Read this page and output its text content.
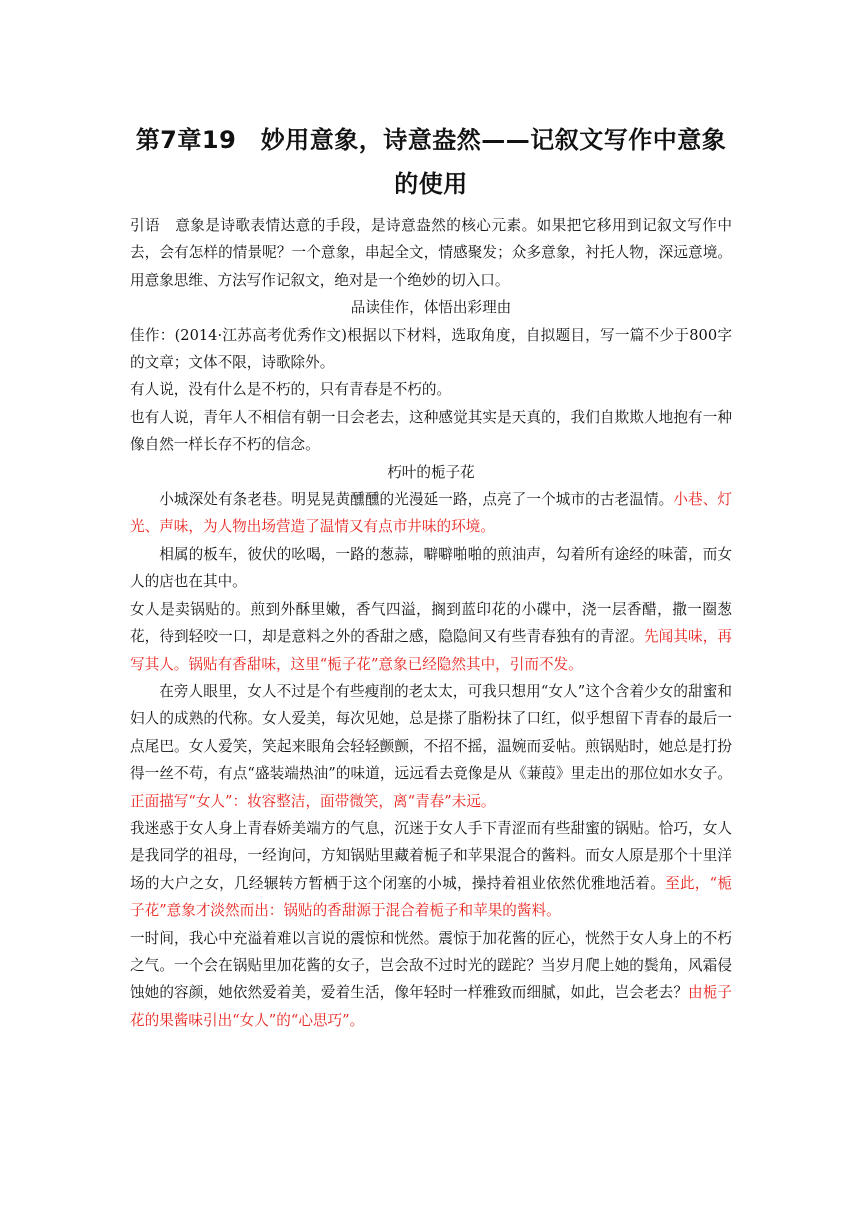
第7章19　妙用意象，诗意盎然——记叙文写作中意象的使用

引语　 意象是诗歌表情达意的手段，是诗意盎然的核心元素。如果把它移用到记叙文写作中去，会有怎样的情景呢？一个意象，串起全文，情感聚发；众多意象，衬托人物，深远意境。用意象思维、方法写作记叙文，绝对是一个绝妙的切入口。

品读佳作，体悟出彩理由

佳作：(2014·江苏高考优秀作文)根据以下材料，选取角度，自拟题目，写一篇不少于800字的文章；文体不限，诗歌除外。

有人说，没有什么是不朽的，只有青春是不朽的。

也有人说，青年人不相信有朝一日会老去，这种感觉其实是天真的，我们自欺欺人地抱有一种像自然一样长存不朽的信念。

朽叶的栀子花

小城深处有条老巷。明晃晃黄醺醺的光漫延一路，点亮了一个城市的古老温情。小巷、灯光、声味，为人物出场营造了温情又有点市井味的环境。

相属的板车，彼伏的吆喝，一路的葱蒜，噼噼啪啪的煎油声，勾着所有途经的味蕾，而女人的店也在其中。

女人是卖锅贴的。煎到外酥里嫩，香气四溢，搁到蓝印花的小碟中，浇一层香醋，撒一圈葱花，待到轻咬一口，却是意料之外的香甜之感，隐隐间又有些青春独有的青涩。先闻其味，再写其人。锅贴有香甜味，这里“栀子花”意象已经隐然其中，引而不发。

在旁人眼里，女人不过是个有些瘦削的老太太，可我只想用“女人”这个含着少女的甜蜜和妇人的成熟的代称。女人爱美，每次见她，总是搽了脂粉抹了口红，似乎想留下青春的最后一点尾巴。女人爱笑，笑起来眼角会轻轻颤颤，不招不摇，温婉而妥帖。煎锅贴时，她总是打扮得一丝不苟，有点“盛装端热油”的味道，远远看去竟像是从《蒹葭》里走出的那位如水女子。正面描写“女人”：妆容整洁，面带微笑，离“青春”未远。

我迷惑于女人身上青春娇美端方的气息，沉迷于女人手下青涩而有些甜蜜的锅贴。恰巧，女人是我同学的祖母，一经询问，方知锅贴里藏着栀子和苹果混合的酱料。而女人原是那个十里洋场的大户之女，几经辗转方暂栖于这个闭塞的小城，操持着祖业依然优雅地活着。至此，“栀子花”意象才淡然而出：锅贴的香甜源于混合着栀子和苹果的酱料。

一时间，我心中充溢着难以言说的震惊和恍然。震惊于加花酱的匠心，恍然于女人身上的不朽之气。一个会在锅贴里加花酱的女子，岂会敌不过时光的蹉跎？当岁月爬上她的鬓角，风霜侵蚀她的容颜，她依然爱着美，爱着生活，像年轻时一样雅致而细腻，如此，岂会老去？由栀子花的果酱味引出“女人”的“心思巧”。
